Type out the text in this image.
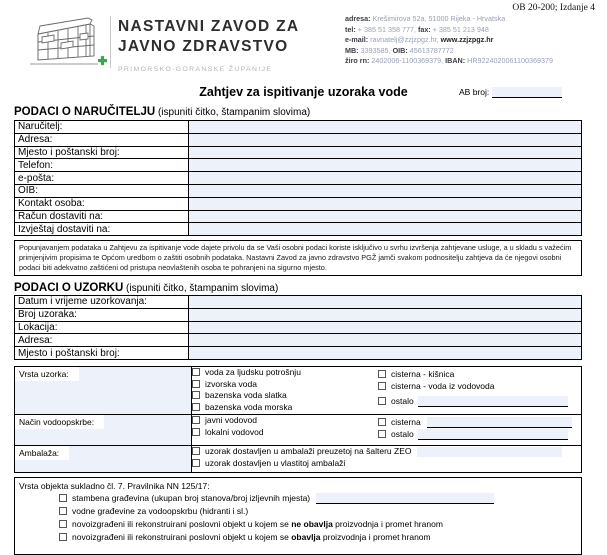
NASTAVNI ZAVOD ZA
JAVNO ZDRAVSTVO
PRIMORSKO-GORANSKE ŽUPANIJE
OB 20-200; Izdanje 4
adresa: Krešimirova 52a, 51000 Rijeka - Hrvatska
tel: + 385 51 358 777, fax: + 385 51 213 948
e-mail: ravnatelj@zzjzpgz.hr, www.zzjzpgz.hr
MB: 3393585, OIB: 45613787772
žiro rn: 2402006-1100369379, IBAN: HR9224020061100369379
Zahtjev za ispitivanje uzoraka vode	AB broj:
PODACI O NARUČITELJU (ispuniti čitko, štampanim slovima)
Naručitelj:	
Adresa:	
Mjesto i poštanski broj:	
Telefon:	
e-pošta:	
OIB:	
Kontakt osoba:	
Račun dostaviti na:	
Izvještaj dostaviti na:	
Popunjavanjem podataka u Zahtjevu za ispitivanje vode dajete privolu da se Vaši osobni podaci koriste isključivo u svrhu izvršenja zahtjevane usluge, a u skladu s važećim primjenjivim propisima te Općom uredbom o zaštiti osobnih podataka. Nastavni Zavod za javno zdravstvo PGŽ jamči svakom podnositelju zahtjeva da će njegovi osobni podaci biti adekvatno zaštićeni od pristupa neovlaštenih osoba te pohranjeni na sigurno mjesto.
PODACI O UZORKU (ispuniti čitko, štampanim slovima)
Datum i vrijeme uzorkovanja:	
Broj uzoraka:	
Lokacija:	
Adresa:	
Mjesto i poštanski broj:	
Vrsta uzorka:	voda za ljudsku potrošnju
izvorska voda
bazenska voda slatka
bazenska voda morska
cisterna - kišnica
cisterna - voda iz vodovoda
ostalo

Način vodoopskrbe:	javni vodovod
lokalni vodovod
cisterna
ostalo

Ambalaža:	uzorak dostavljen u ambalaži preuzetoj na šalteru ZEO
uzorak dostavljen u vlastitoj ambalaži
Vrsta objekta sukladno čl. 7. Pravilnika NN 125/17:
stambena građevina (ukupan broj stanova/broj izljevnih mjesta)
vodne građevine za vodoopskrbu (hidranti i sl.)
novoizgrađeni ili rekonstruirani poslovni objekt u kojem se ne obavlja proizvodnja i promet hranom
novoizgrađeni ili rekonstruirani poslovni objekt u kojem se obavlja proizvodnja i promet hranom
